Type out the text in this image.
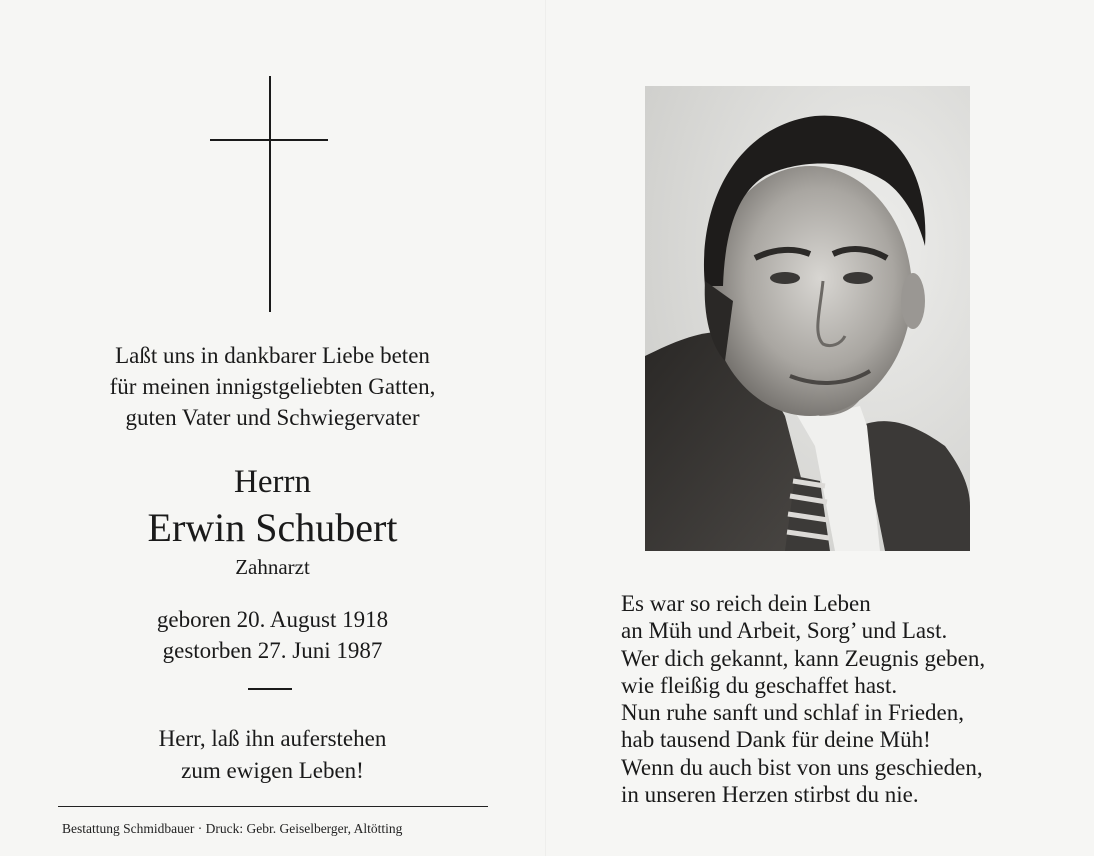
Laßt uns in dankbarer Liebe beten
für meinen innigstgeliebten Gatten,
guten Vater und Schwiegervater
Herrn
Erwin Schubert
Zahnarzt
geboren 20. August 1918
gestorben 27. Juni 1987
Herr, laß ihn auferstehen
zum ewigen Leben!
Bestattung Schmidbauer · Druck: Gebr. Geiselberger, Altötting
Es war so reich dein Leben
an Müh und Arbeit, Sorg’ und Last.
Wer dich gekannt, kann Zeugnis geben,
wie fleißig du geschaffet hast.
Nun ruhe sanft und schlaf in Frieden,
hab tausend Dank für deine Müh!
Wenn du auch bist von uns geschieden,
in unseren Herzen stirbst du nie.
